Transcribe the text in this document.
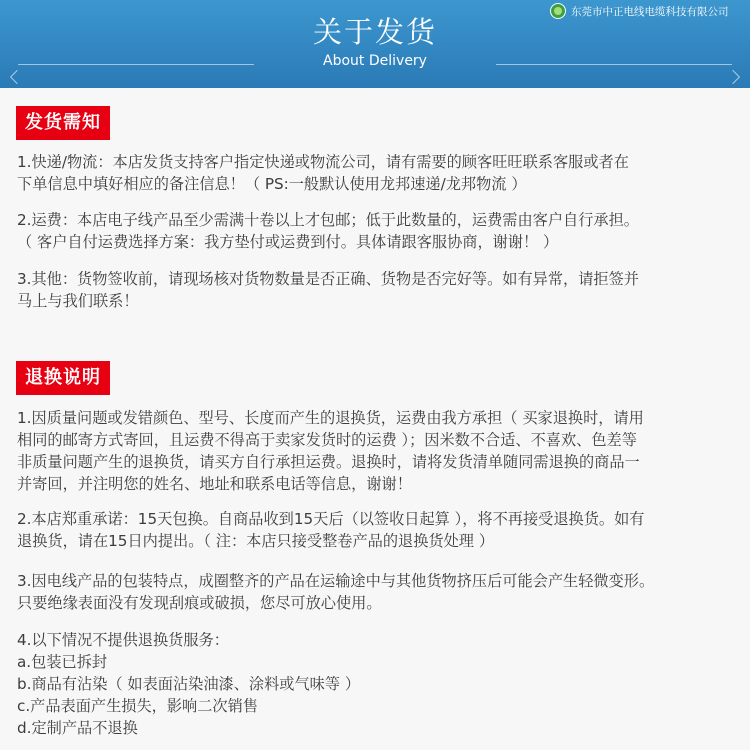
关于发货
About Delivery
东莞市中正电线电缆科技有限公司
发货需知

1.快递/物流：本店发货支持客户指定快递或物流公司，请有需要的顾客旺旺联系客服或者在
下单信息中填好相应的备注信息！（ PS:一般默认使用龙邦速递/龙邦物流 ）

2.运费：本店电子线产品至少需满十卷以上才包邮；低于此数量的，运费需由客户自行承担。
（ 客户自付运费选择方案：我方垫付或运费到付。具体请跟客服协商，谢谢！ ）

3.其他：货物签收前，请现场核对货物数量是否正确、货物是否完好等。如有异常，请拒签并
马上与我们联系！

退换说明

1.因质量问题或发错颜色、型号、长度而产生的退换货，运费由我方承担（ 买家退换时，请用
相同的邮寄方式寄回，且运费不得高于卖家发货时的运费 ）；因米数不合适、不喜欢、色差等
非质量问题产生的退换货，请买方自行承担运费。退换时，请将发货清单随同需退换的商品一
并寄回，并注明您的姓名、地址和联系电话等信息，谢谢！

2.本店郑重承诺：15天包换。自商品收到15天后（以签收日起算 ），将不再接受退换货。如有
退换货，请在15日内提出。（ 注：本店只接受整卷产品的退换货处理 ）

3.因电线产品的包装特点，成圈整齐的产品在运输途中与其他货物挤压后可能会产生轻微变形。
只要绝缘表面没有发现刮痕或破损，您尽可放心使用。

4.以下情况不提供退换货服务：
a.包装已拆封
b.商品有沾染（ 如表面沾染油漆、涂料或气味等 ）
c.产品表面产生损失，影响二次销售
d.定制产品不退换
